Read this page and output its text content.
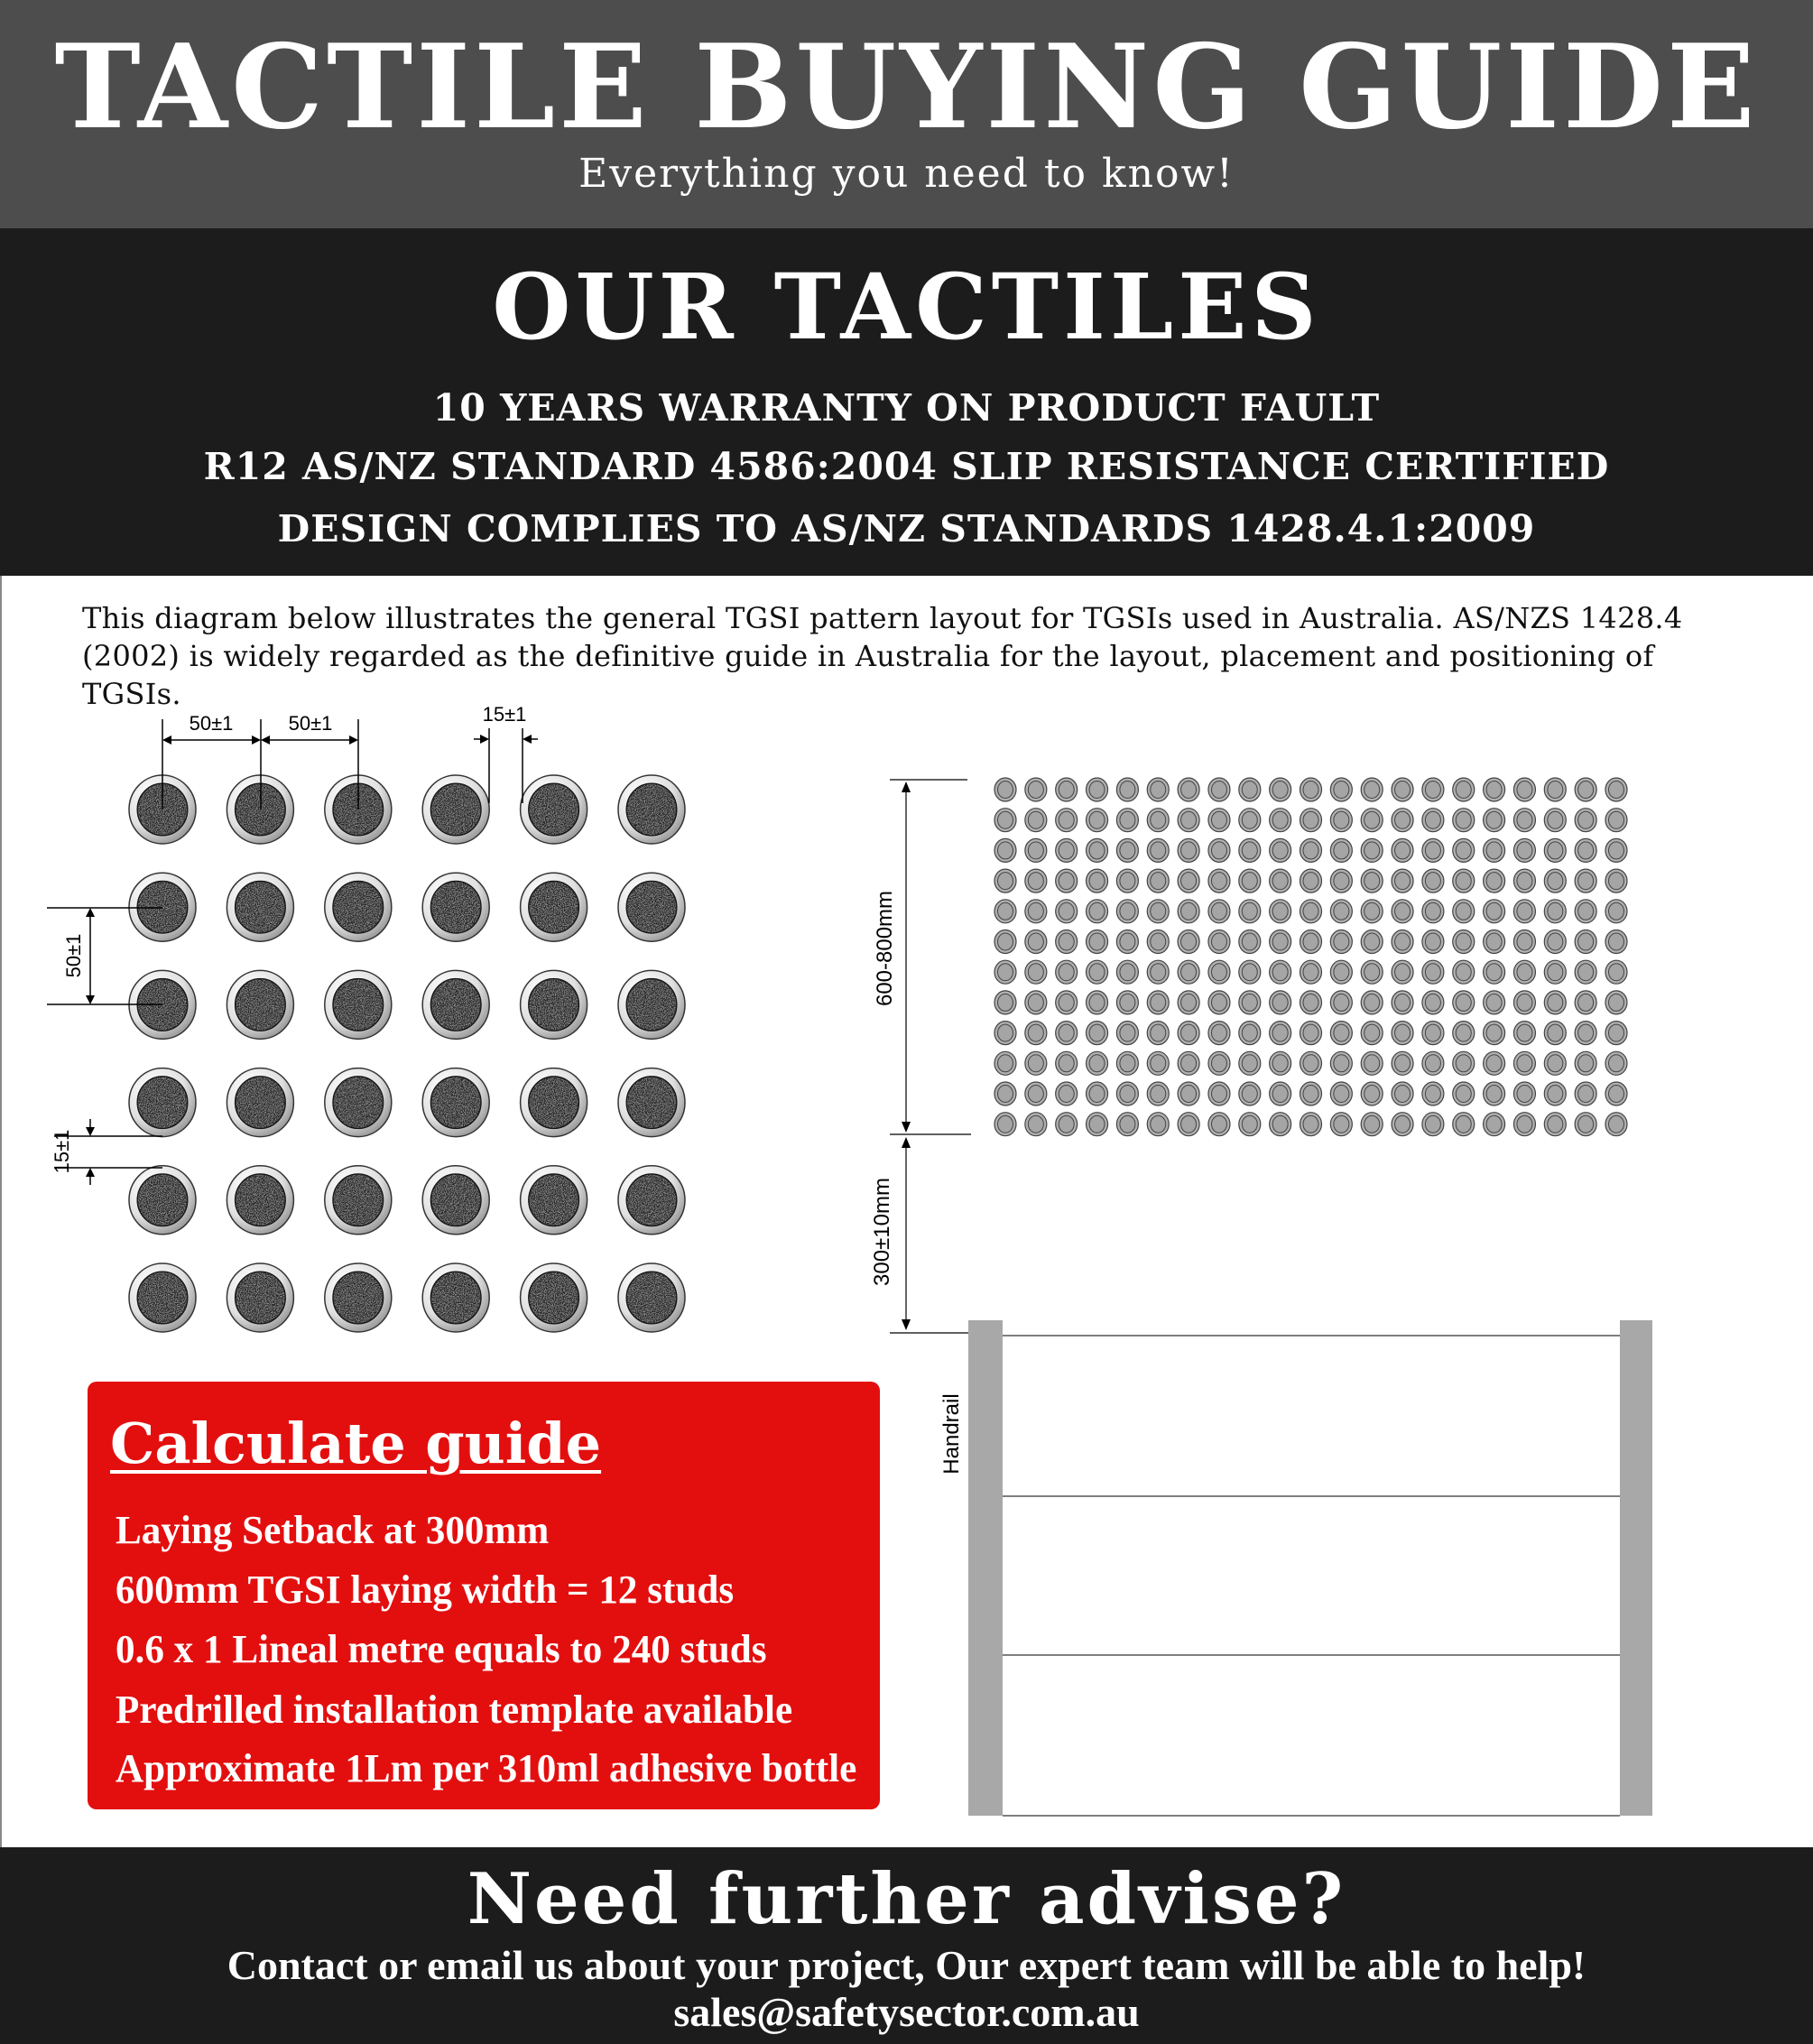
TACTILE BUYING GUIDE
Everything you need to know!
OUR TACTILES
10 YEARS WARRANTY ON PRODUCT FAULT
R12 AS/NZ STANDARD 4586:2004 SLIP RESISTANCE CERTIFIED
DESIGN COMPLIES TO AS/NZ STANDARDS 1428.4.1:2009
This diagram below illustrates the general TGSI pattern layout for TGSIs used in Australia. AS/NZS 1428.4 (2002) is widely regarded as the definitive guide in Australia for the layout, placement and positioning of TGSIs.
50±1	50±1	15±1
50±1
15±1
600-800mm
300±10mm
Handrail
Calculate guide
Laying Setback at 300mm
600mm TGSI laying width = 12 studs
0.6 x 1 Lineal metre equals to 240 studs
Predrilled installation template available
Approximate 1Lm per 310ml adhesive bottle
Need further advise?
Contact or email us about your project, Our expert team will be able to help!
sales@safetysector.com.au
